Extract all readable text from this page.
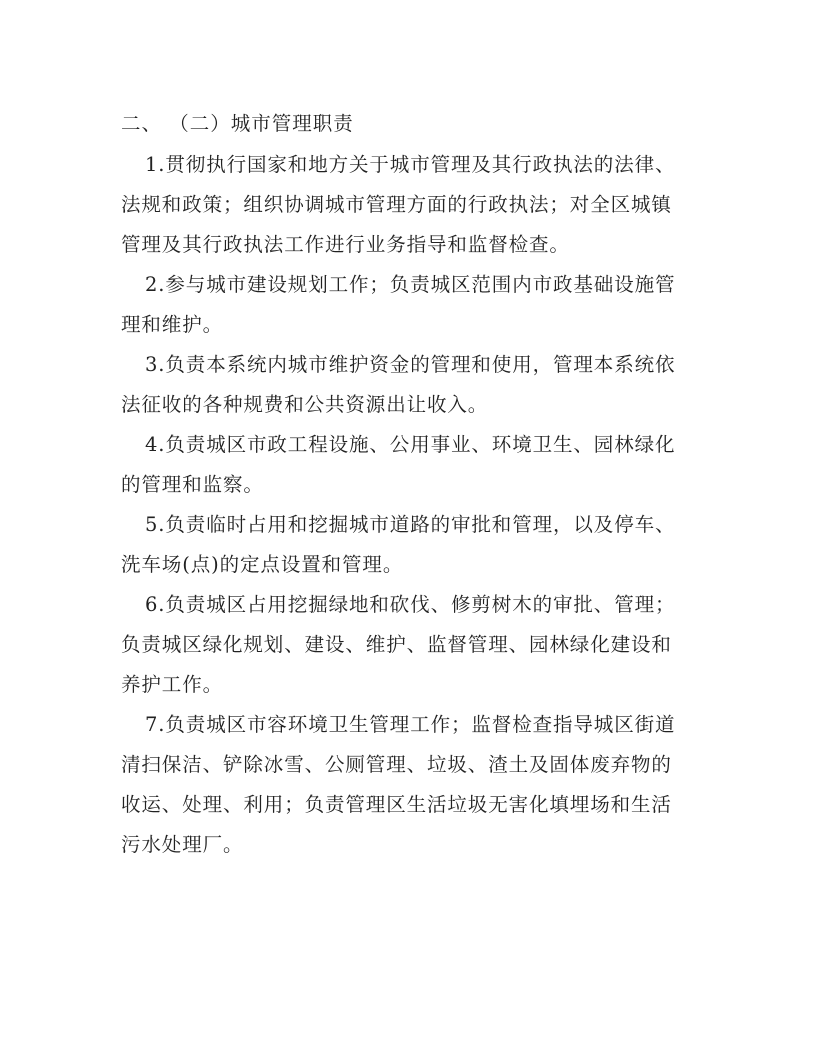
二、 （二）城市管理职责

1.贯彻执行国家和地方关于城市管理及其行政执法的法律、

法规和政策；组织协调城市管理方面的行政执法；对全区城镇

管理及其行政执法工作进行业务指导和监督检查。

2.参与城市建设规划工作；负责城区范围内市政基础设施管

理和维护。

3.负责本系统内城市维护资金的管理和使用，管理本系统依

法征收的各种规费和公共资源出让收入。

4.负责城区市政工程设施、公用事业、环境卫生、园林绿化

的管理和监察。

5.负责临时占用和挖掘城市道路的审批和管理，以及停车、

洗车场(点)的定点设置和管理。

6.负责城区占用挖掘绿地和砍伐、修剪树木的审批、管理；

负责城区绿化规划、建设、维护、监督管理、园林绿化建设和

养护工作。

7.负责城区市容环境卫生管理工作；监督检查指导城区街道

清扫保洁、铲除冰雪、公厕管理、垃圾、渣土及固体废弃物的

收运、处理、利用；负责管理区生活垃圾无害化填埋场和生活

污水处理厂。
